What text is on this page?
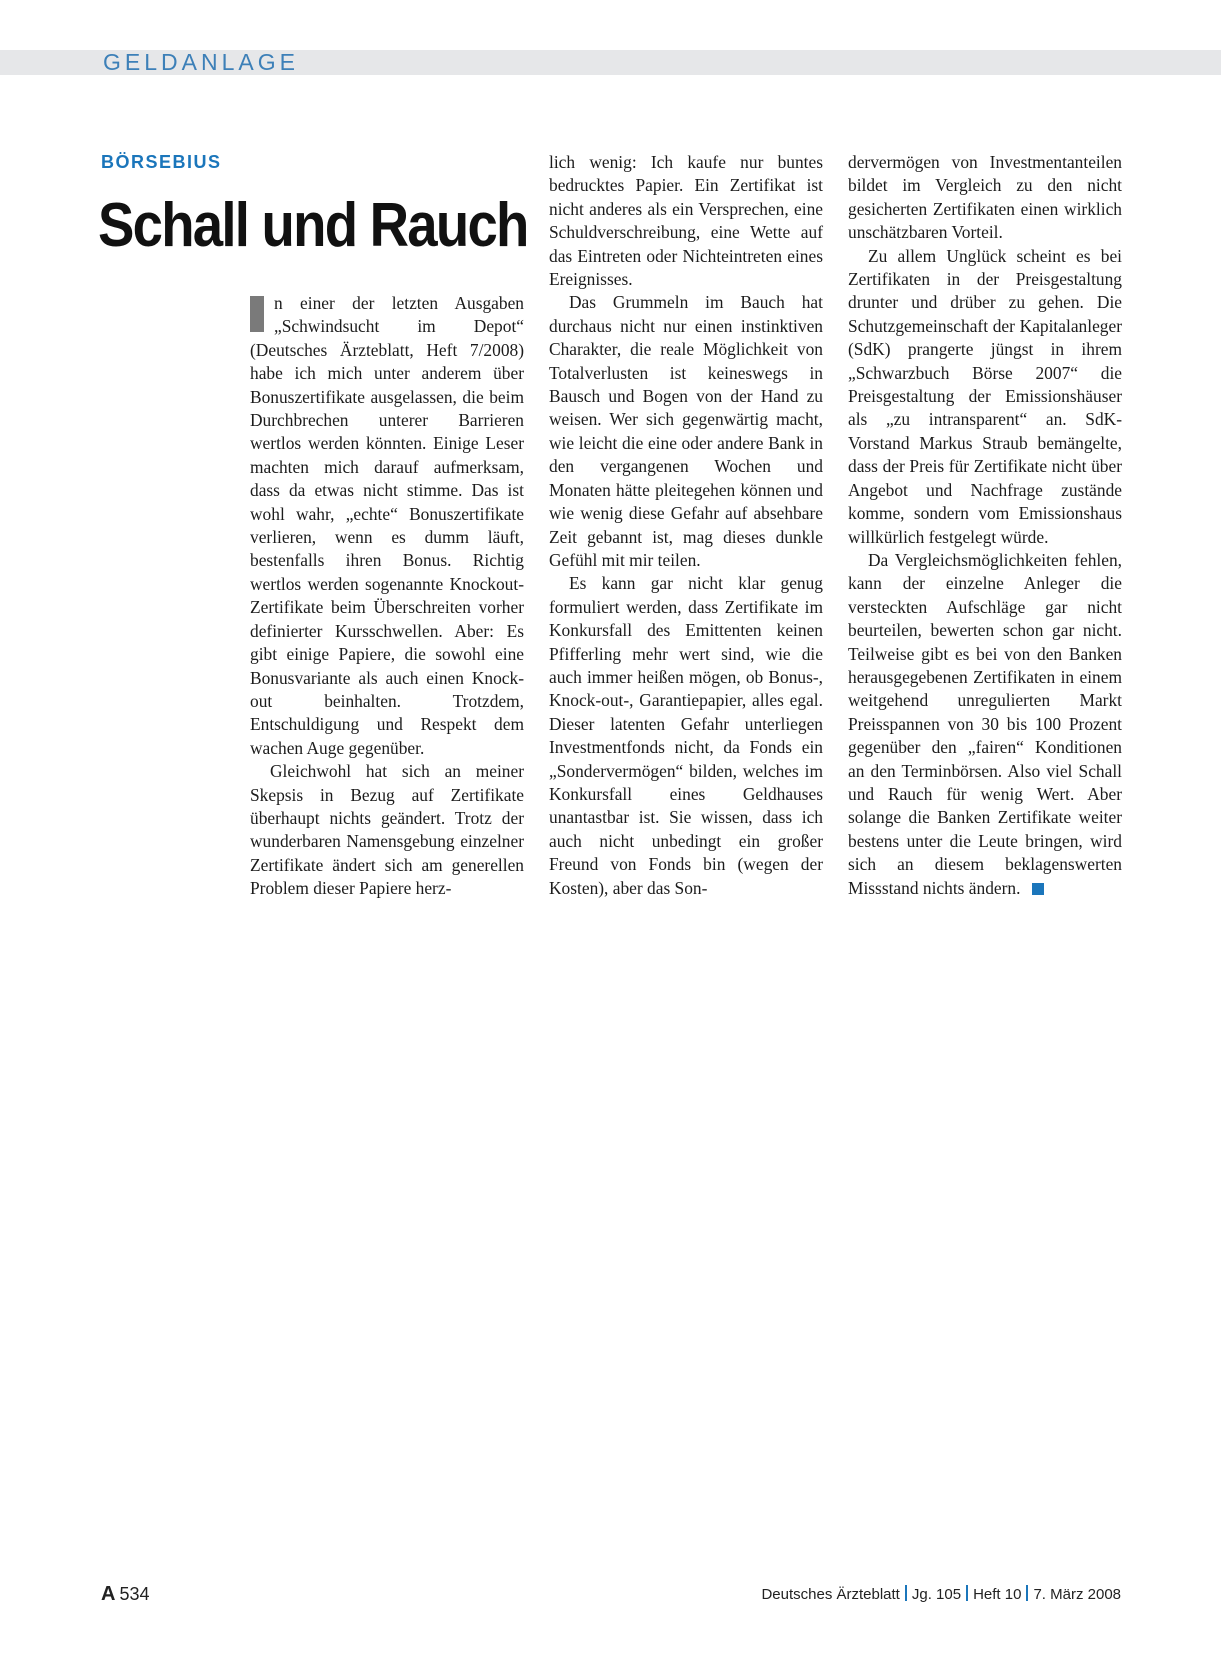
GELDANLAGE
BÖRSEBIUS
Schall und Rauch

n einer der letzten Ausgaben „Schwindsucht im Depot“ (Deutsches Ärzteblatt, Heft 7/2008) habe ich mich unter anderem über Bonuszertifikate ausgelassen, die beim Durchbrechen unterer Barrieren wertlos werden könnten. Einige Leser machten mich darauf aufmerksam, dass da etwas nicht stimme. Das ist wohl wahr, „echte“ Bonuszertifikate verlieren, wenn es dumm läuft, bestenfalls ihren Bonus. Richtig wertlos werden sogenannte Knockout-Zertifikate beim Überschreiten vorher definierter Kursschwellen. Aber: Es gibt einige Papiere, die sowohl eine Bonusvariante als auch einen Knock-out beinhalten. Trotzdem, Entschuldigung und Respekt dem wachen Auge gegenüber.

Gleichwohl hat sich an meiner Skepsis in Bezug auf Zertifikate überhaupt nichts geändert. Trotz der wunderbaren Namensgebung einzelner Zertifikate ändert sich am generellen Problem dieser Papiere herz-

lich wenig: Ich kaufe nur buntes bedrucktes Papier. Ein Zertifikat ist nicht anderes als ein Versprechen, eine Schuldverschreibung, eine Wette auf das Eintreten oder Nichteintreten eines Ereignisses.

Das Grummeln im Bauch hat durchaus nicht nur einen instinktiven Charakter, die reale Möglichkeit von Totalverlusten ist keineswegs in Bausch und Bogen von der Hand zu weisen. Wer sich gegenwärtig macht, wie leicht die eine oder andere Bank in den vergangenen Wochen und Monaten hätte pleitegehen können und wie wenig diese Gefahr auf absehbare Zeit gebannt ist, mag dieses dunkle Gefühl mit mir teilen.

Es kann gar nicht klar genug formuliert werden, dass Zertifikate im Konkursfall des Emittenten keinen Pfifferling mehr wert sind, wie die auch immer heißen mögen, ob Bonus-, Knock-out-, Garantiepapier, alles egal. Dieser latenten Gefahr unterliegen Investmentfonds nicht, da Fonds ein „Sondervermögen“ bilden, welches im Konkursfall eines Geldhauses unantastbar ist. Sie wissen, dass ich auch nicht unbedingt ein großer Freund von Fonds bin (wegen der Kosten), aber das Son-

dervermögen von Investmentanteilen bildet im Vergleich zu den nicht gesicherten Zertifikaten einen wirklich unschätzbaren Vorteil.

Zu allem Unglück scheint es bei Zertifikaten in der Preisgestaltung drunter und drüber zu gehen. Die Schutzgemeinschaft der Kapitalanleger (SdK) prangerte jüngst in ihrem „Schwarzbuch Börse 2007“ die Preisgestaltung der Emissionshäuser als „zu intransparent“ an. SdK-Vorstand Markus Straub bemängelte, dass der Preis für Zertifikate nicht über Angebot und Nachfrage zustände komme, sondern vom Emissionshaus willkürlich festgelegt würde.

Da Vergleichsmöglichkeiten fehlen, kann der einzelne Anleger die versteckten Aufschläge gar nicht beurteilen, bewerten schon gar nicht. Teilweise gibt es bei von den Banken herausgegebenen Zertifikaten in einem weitgehend unregulierten Markt Preisspannen von 30 bis 100 Prozent gegenüber den „fairen“ Konditionen an den Terminbörsen. Also viel Schall und Rauch für wenig Wert. Aber solange die Banken Zertifikate weiter bestens unter die Leute bringen, wird sich an diesem beklagenswerten Missstand nichts ändern.

A 534	Deutsches Ärzteblatt Jg. 105 Heft 10 7. März 2008
